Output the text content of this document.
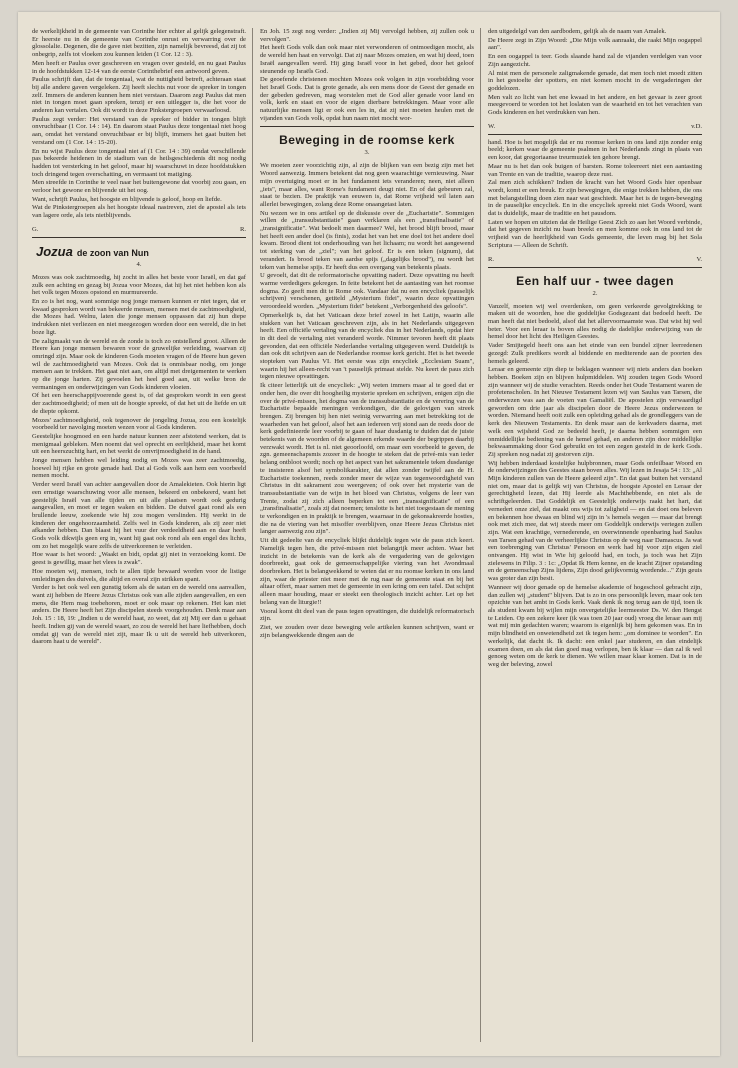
de werkelijkheid in de gemeente van Corinthe hier echter al gelijk gelegenstraft. Er heerste nu in de gemeente van Corinthe onrust en verwarring over de glossolalie. Degenen, die de gave niet bezitten, zijn namelijk bevreesd, dat zij tot onbegrip, zelfs tot vloeken zou kunnen leiden (1 Cor. 12 : 3).

Men heeft er Paulus over geschreven en vragen over gesteld, en nu gaat Paulus in de hoofdstukken 12-14 van de eerste Corinthebrief een antwoord geven.

Paulus schrijft dan, dat de tongentaal, wat de nuttigheid betreft, achteraan staat bij alle andere gaven vergeleken. Zij heeft slechts nut voor de spreker in tongen zelf. Immers de anderen kunnen hem niet verstaan. Daarom zegt Paulus dat men niet in tongen moet gaan spreken, tenzij er een uitlegger is, die het voor de anderen kan vertalen. Ook dit wordt in deze Pinkstergroepen verwaarloosd.

Paulus zegt verder: Het verstand van de spreker of bidder in tongen blijft onvruchtbaar (1 Cor. 14 : 14). En daarom staat Paulus deze tongentaal niet hoog aan, omdat het verstand onvruchtbaar er bij blijft, immers het gaat buiten het verstand om (1 Cor. 14 : 15-20).

En nu wijst Paulus deze tongentaal niet af (1 Cor. 14 : 39) omdat verschillende pas bekeerde heidenen in de stadium van de heilsgeschiedenis dit nog nodig hadden tot versterking in het geloof, maar hij waarschuwt in deze hoofdstukken toch dringend tegen overschatting, en vermaant tot matiging.

Men streefde in Corinthe te veel naar het buitengewone dat voorbij zou gaan, en verloor het gewone en blijvende uit het oog.

Want, schrijft Paulus, het hoogste en blijvende is geloof, hoop en liefde.

Wat de Pinkstergroepen als het hoogste ideaal nastreven, ziet de apostel als iets van lagere orde, als iets nietblijvends.

G.	R.
Jozua de zoon van Nun
4.

Mozes was ook zachtmoedig, hij zocht in alles het beste voor Israël, en dat gaf zulk een achting en gezag bij Jozua voor Mozes, dat hij het niet hebben kon als het volk tegen Mozes opstond en murmureerde.

En zo is het nog, want sommige nog jonge mensen kunnen er niet tegen, dat er kwaad gesproken wordt van bekeerde mensen, mensen met de zachtmoedigheid, die Mozes had. Welnu, laten die jonge mensen oppassen dat zij hun diepe indrukken niet verliezen en niet meegezogen worden door een wereld, die in het boze ligt.

De zaligmaakt van de wereld en de zonde is toch zo ontstellend groot. Alleen de Heere kan jonge mensen bewaren voor de gruwelijke verleiding, waarvan zij omringd zijn. Maar ook de kinderen Gods moeten vragen of de Heere hun geven wil de zachtmoedigheid van Mozes. Ook dat is onmisbaar nodig, om jonge mensen aan te trekken. Het gaat niet aan, om altijd met dreigementen te werken op die jonge harten. Zij gevoelen het heel goed aan, uit welke bron de vermaningen en onderwijzingen van Gods kinderen vloeien.

Of het een heerschappijvoerende geest is, of dat gesproken wordt in een geest der zachtmoedigheid; of men uit de hoogte spreekt, of dat het uit de liefde en uit de diepte opkomt.

Mozes' zachtmoedigheid, ook tegenover de jongeling Jozua, zou een kostelijk voorbeeld ter navolging moeten wezen voor al Gods kinderen.

Geestelijke hoogmoed en een harde natuur kunnen zeer afstotend werken, dat is menigmaal gebleken. Men noemt dat wel oprecht en eerlijkheid, maar het komt uit een heerszuchtig hart, en het werkt de omvrijmoedigheid in de hand.

Jonge mensen hebben wel leiding nodig en Mozes was zeer zachtmoedig, hoewel hij rijke en grote genade had. Dat al Gods volk aan hem een voorbeeld nemen mocht.

Verder werd Israël van achter aangevallen door de Amalekieten. Ook hierin ligt een ernstige waarschuwing voor alle mensen, bekeerd en onbekeerd, want het geestelijk Israël van alle tijden en uit alle plaatsen wordt ook gedurig aangevallen, en moet er tegen waken en bidden. De duivel gaat rond als een brullende leeuw, zoekende wie hij zou mogen verslinden. Hij werkt in de kinderen der ongehoorzaamheid. Zelfs wel in Gods kinderen, als zij zeer niet afkander hebben. Dan blaast hij het vuur der verdeeldheid aan en daar heeft Gods volk dikwijls geen erg in, want hij gaat ook rond als een engel des lichts, om zo het mogelijk ware zelfs de uitverkorenen te verleiden.

Hoe waar is het woord: „Waakt en bidt, opdat gij niet in verzoeking komt. De geest is gewillig, maar het vlees is zwak".

Hoe moeten wij, mensen, toch te allen tijde bewaard worden voor de listige omleidingen des duivels, die altijd en overal zijn strikken spant.

Verder is het ook wel een gunstig teken als de satan en de wereld ons aanvallen, want zij hebben de Heere Jezus Christus ook van alle zijden aangevallen, en een mens, die Hem mag toebehoren, moet er ook maar op rekenen. Het kan niet anders. De Heere heeft het Zijn discipelen steeds voorgehouden. Denk maar aan Joh. 15 : 18, 19: „Indien u de wereld haat, zo weet, dat zij Mij eer dan u gehaat heeft. Indien gij van de wereld waart, zo zou de wereld het hare liefhebben, doch omdat gij van de wereld niet zijt, maar Ik u uit de wereld heb uitverkoren, daarom haat u de wereld".

En Joh. 15 zegt nog verder: „Indien zij Mij vervolgd hebben, zij zullen ook u vervolgen".

Het heeft Gods volk dan ook maar niet verwonderen of ontmoedigen mocht, als de wereld hen haat en vervolgt. Dat zij naar Mozes omzien, en wat hij deed, toen Israël aangevallen werd. Hij ging Israël voor in het gebed, door het geloof steunende op Israëls God.

De geoefende christenen mochten Mozes ook volgen in zijn voorbidding voor het Israël Gods. Dat is grote genade, als een mens door de Geest der genade en der gebeden gedreven, mag worstelen met de God aller genade voor land en volk, kerk en staat en voor de eigen dierbare betrekkingen. Maar voor alle natuurlijke mensen ligt er ook een les in, dat zij niet moeten heulen met de vijanden van Gods volk, opdat hun naam niet mocht wor-

Beweging in de roomse kerk
3.

We moeten zeer voorzichtig zijn, al zijn de blijken van een bezig zijn met het Woord aanwezig. Immers betekent dat nog geen waarachtige vernieuwing. Naar mijn overtuiging moet er in het fundament iets veranderen; neen, niet alleen „iets", maar alles, want Rome's fundament deugt niet. En of dat gebeuren zal, staat te bezien. De praktijk van eeuwen is, dat Rome vrijheid wil laten aan allerlei bewegingen, zolang deze Rome onaangetast laten.

Nu wezen we in ons artikel op de diskussie over de „Eucharistie". Sommigen willen de „transsubstantiatie" gaan verklaren als een „transfinalisatie" of „transignificatie". Wat bedoelt men daarmee? Wel, het brood blijft brood, maar het heeft een ander doel (is finis), zodat het van het ene doel tot het andere doel kwam. Brood dient tot onderhouding van het lichaam; nu wordt het aangewend tot sterking van de „ziel"; van het geloof. Er is een teken (signum), dat verandert. Is brood teken van aardse spijs („dagelijks brood"), nu wordt het teken van hemelse spijs. Er heeft dus een overgang van betekenis plaats.

U gevoelt, dat dit de reformatorische opvatting nadert. Deze opvatting nu heeft warme verdedigers gekregen. In feite betekent het de aantasting van het roomse dogma. Zo geeft men dit te Rome ook. Vandaar dat nu een encycliek (pauselijk schrijven) verschenen, getiteld „Mysterium fidei", waarin deze opvattingen veroordeeld worden. „Mysterium fidei" betekent „Verborgenheid des geloofs".

Opmerkelijk is, dat het Vaticaan deze brief zowel in het Latijn, waarin alle stukken van het Vaticaan geschreven zijn, als in het Nederlands uitgegeven heeft. Een officiële vertaling van de encycliek dus in het Nederlands, opdat hier in dit deel de vertaling niet veranderd worde. Nimmer tevoren heeft dit plaats gevonden, dat een officiële Nederlandse vertaling uitgegeven werd. Duidelijk is dan ook dit schrijven aan de Nederlandse roomse kerk gericht. Het is het tweede stopteken van Paulus VI. Het eerste was zijn encycliek „Ecclesiam Suam", waarin hij het alleen-recht van 't pauselijk primaat stelde. Nu keert de paus zich tegen nieuwe opvattingen.

Ik citeer letterlijk uit de encycliek: „Wij weten immers maar al te goed dat er onder hen, die over dit hoogheilig mysterie spreken en schrijven, enigen zijn die over de privé-missen, het dogma van de transsubstantiatie en de verering van de Eucharistie bepaalde meningen verkondigen, die de gelovigen van streek brengen. Zij brengen bij hen niet weinig verwarring aan met betrekking tot de waarheden van het geloof, alsof het aan iedereen vrij stond aan de reeds door de kerk gedefinieerde leer voorbij te gaan of haar dusdanig te duiden dat de juiste betekenis van de woorden of de algemeen erkende waarde der begrippen daarbij verzwakt wordt. Het is nl. niet geoorloofd, om maar een voorbeeld te geven, de zgn. gemeenschapsmis zozeer in de hoogte te steken dat de privé-mis van ieder belang ontbloot wordt; noch op het aspect van het sakramentele teken dusdanige te insisteren alsof het symbolikarakter, dat allen zonder twijfel aan de H. Eucharistie toekennen, reeds zonder meer de wijze van tegenwoordigheid van Christus in dit sakrament zou weergeven; of ook over het mysterie van de transsubstantiatie van de wijn in het bloed van Christus, volgens de leer van Trente, zodat zij zich alleen beperken tot een „transsignificatie" of een „transfinalisatie", zoals zij dat noemen; tenslotte is het niet toegestaan de mening te verkondigen en in praktijk te brengen, waarnaar in de gekonsakreerde hosties, die na de viering van het misoffer overblijven, onze Heere Jezus Christus niet langer aanwezig zou zijn".

Uit dit gedeelte van de encycliek blijkt duidelijk tegen wie de paus zich keert. Namelijk tegen hen, die privé-missen niet belangrijk meer achten. Waar het inzicht in de betekenis van de kerk als de vergadering van de gelovigen doorbreekt, gaat ook de gemeenschappelijke viering van het Avondmaal doorbreken. Het is belangwekkend te weten dat er nu roomse kerken in ons land zijn, waar de priester niet meer met de rug naar de gemeente staat en bij het altaar offert, maar samen met de gemeente in een kring om een tafel. Dat schijnt alleen maar houding, maar er steekt een theologisch inzicht achter. Let op het belang van de liturgie!!

Vooral komt dit deel van de paus tegen opvattingen, die duidelijk reformatorisch zijn.

Ziet, we zouden over deze beweging vele artikelen kunnen schrijven, want er zijn belangwekkende dingen aan de

den uitgedelgd van den aardbodem, gelijk als de naam van Amalek.

De Heere zegt in Zijn Woord: „Die Mijn volk aanraakt, die raakt Mijn oogappel aan".

En een oogappel is teer. Gods slaande hand zal de vijanden verdelgen van voor Zijn aangezicht.

Al mist men de personele zaligmakende genade, dat men toch niet moedt zitten in het gestoelte der spotters, en niet komen mocht in de vergaderingen der goddelozen.

Men valt zo licht van het ene kwaad in het andere, en het gevaar is zeer groot meegevoerd te worden tot het loslaten van de waarheid en tot het verachten van Gods kinderen en het verdrukken van hen.

W.	v.D.

hand. Hoe is het mogelijk dat er nu roomse kerken in ons land zijn zonder enig beeld; kerken waar de gemeente psalmen in het Nederlands zingt in plaats van een koor, dat gregoriaanse treurmuziek ten gehore brengt.

Maar nu is het dan ook buigen of barsten. Rome toleereert niet een aantasting van Trente en van de traditie, waarop deze rust.

Zal men zich schikken? Indien de kracht van het Woord Gods hier openbaar wordt, komt er een breuk. Er zijn bewegingen, die enige trekken hebben, die ons met belangstelling doen zien naar wat geschiedt. Maar het is de tegen-beweging in de pauselijke encycliek. En in die encycliek spreekt niet Gods Woord, want dat is duidelijk, maar de traditie en het pausdom.

Laten we hopen en uitzien dat de Heilige Geest Zich zo aan het Woord verbinde, dat het gegeven inzicht nu baan breekt en men komme ook in ons land tot de vrijheid van de heerlijkheid van Gods gemeente, die leven mag bij het Sola Scriptura — Alleen de Schrift.

R.	V.
Een half uur - twee dagen
2.

Vanzelf, moeten wij wel overdenken, om geen verkeerde gevolgtrekking te maken uit de woorden, hoe die goddelijke Godsgezant dat bedoeld heeft. De man heeft dat niet bedoeld, alsof dat het allervoornaamste was. Dat wist hij wel beter. Voor een leraar is boven alles nodig de dadelijke onderwijzing van de hemel door het licht des Heiligen Geestes.

Vader Smijtegeld heeft ons aan het einde van een bundel zijner leerredenen gezegd: Zulk predikers wordt al biddende en mediterende aan de poorten des hemels geleerd.

Leraar en gemeente zijn diep te beklagen wanneer wij niets anders dan boeken hebben. Boeken zijn en blijven hulpmiddelen. Wij zouden tegen Gods Woord zijn wanneer wij de studie verachten. Reeds onder het Oude Testament waren de profetenscholen. In het Nieuwe Testament lezen wij van Saulus van Tarsen, die onderwezen was aan de voeten van Gamaliël. De apostelen zijn verwaardigd geworden om drie jaar als discipelen door de Heere Jezus onderwezen te worden. Niemand heeft ooit zulk een opleiding gehad als de grondleggers van de kerk des Nieuwen Testaments. En denk maar aan de kerkvaders daarna, met welk een wijsheid God ze bedeeld heeft, je daarna hebben sommigen een onmiddellijke bediening van de hemel gehad, en anderen zijn door middellijke bekwaammaking door God gebruikt en tot een zegen gesteld in de kerk Gods. Zij spreken nog nadat zij gestorven zijn.

Wij hebben inderdaad kostelijke hulpbronnen, maar Gods onfeilbaar Woord en de onderwijzingen des Geestes staan boven alles. Wij lezen in Jesaja 54 : 13: „Al Mijn kinderen zullen van de Heere geleerd zijn". En dat gaat buiten het verstand niet om, maar dat is gelijk wij van Christus, de hoogste Apostel en Leraar der gerechtigheid lezen, dat Hij leerde als Machthebbende, en niet als de schriftgeleerden. Dat Goddelijk en Geestelijk onderwijs raakt het hart, dat vernedert onze ziel, dat maakt ons wijs tot zaligheid — en dat doet ons beleven en bekennen hoe dwaas en blind wij zijn in 's hemels wegen — maar dat brengt ook met zich mee, dat wij steeds meer om Goddelijk onderwijs vertegen zullen zijn. Wat een krachtige, vernederende, en overwinnende openbaring had Saulus van Tarsen gehad van de verheerlijkte Christus op de weg naar Damascus. Ja wat een toebrenging van Christus' Persoon en werk had hij voor zijn eigen ziel ontvangen. Hij wist in Wie hij geloofd had, en toch, ja toch was het Zijn zielewens in Filip. 3 : 1c: „Opdat Ik Hem kenne, en de kracht Zijner opstanding en de gemeenschap Zijns lijdens, Zijn dood gelijkvormig wordende..." Zijn geuis was groter dan zijn besit.

Wanneer wij door genade op de hemelse akademie of hogeschool gebracht zijn, dan zullen wij „student" blijven. Dat is zo in ons persoonlijk leven, maar ook ten opzichte van het ambt in Gods kerk. Vaak denk ik nog terug aan de tijd, toen ik als student kwam bij wijlen mijn onvergetelijke leermeester Ds. W. den Hengst te Leiden. Op een zekere keer (ik was toen 20 jaar oud) vroeg die leraar aan mij wat mij min gedachten waren; waarom is eigenlijk bij hem gekomen was. En in mijn blindheid en onwetendheid zei ik tegen hem: „om dominee te worden". En werkelijk, dat dacht ik. Ik dacht: een enkel jaar studeren, en dan eindelijk examen doen, en als dat dan goed mag verlopen, ben ik klaar — dan zal ik wel genoeg weten om de kerk te dienen. We willen maar klaar komen. Dat is in de weg der beleving, zowel
